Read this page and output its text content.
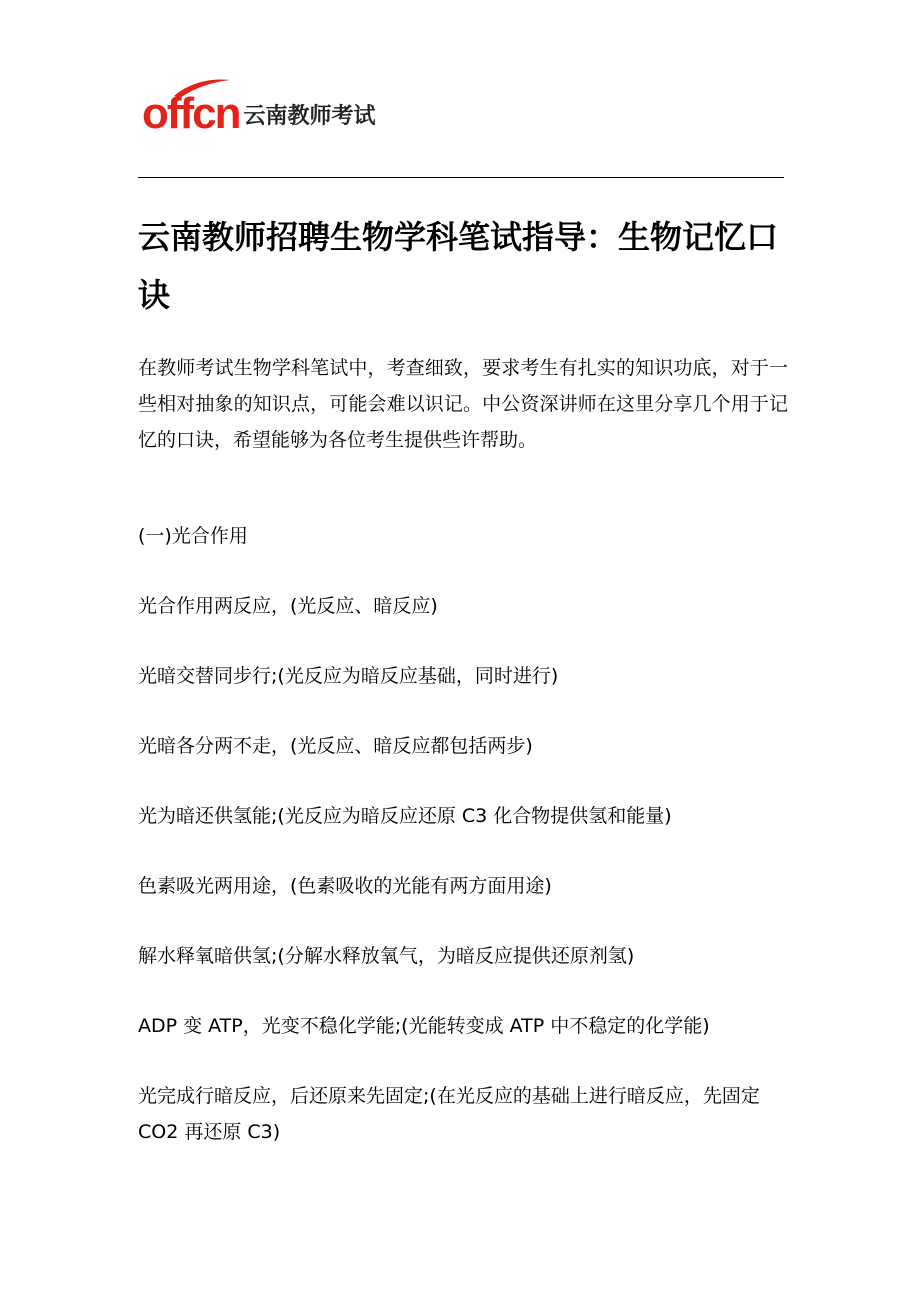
offcn 云南教师考试
云南教师招聘生物学科笔试指导：生物记忆口诀

在教师考试生物学科笔试中，考查细致，要求考生有扎实的知识功底，对于一些相对抽象的知识点，可能会难以识记。中公资深讲师在这里分享几个用于记忆的口诀，希望能够为各位考生提供些许帮助。

(一)光合作用

光合作用两反应，(光反应、暗反应)

光暗交替同步行;(光反应为暗反应基础，同时进行)

光暗各分两不走，(光反应、暗反应都包括两步)

光为暗还供氢能;(光反应为暗反应还原 C3 化合物提供氢和能量)

色素吸光两用途，(色素吸收的光能有两方面用途)

解水释氧暗供氢;(分解水释放氧气，为暗反应提供还原剂氢)

ADP 变 ATP，光变不稳化学能;(光能转变成 ATP 中不稳定的化学能)

光完成行暗反应，后还原来先固定;(在光反应的基础上进行暗反应，先固定 CO2 再还原 C3)
